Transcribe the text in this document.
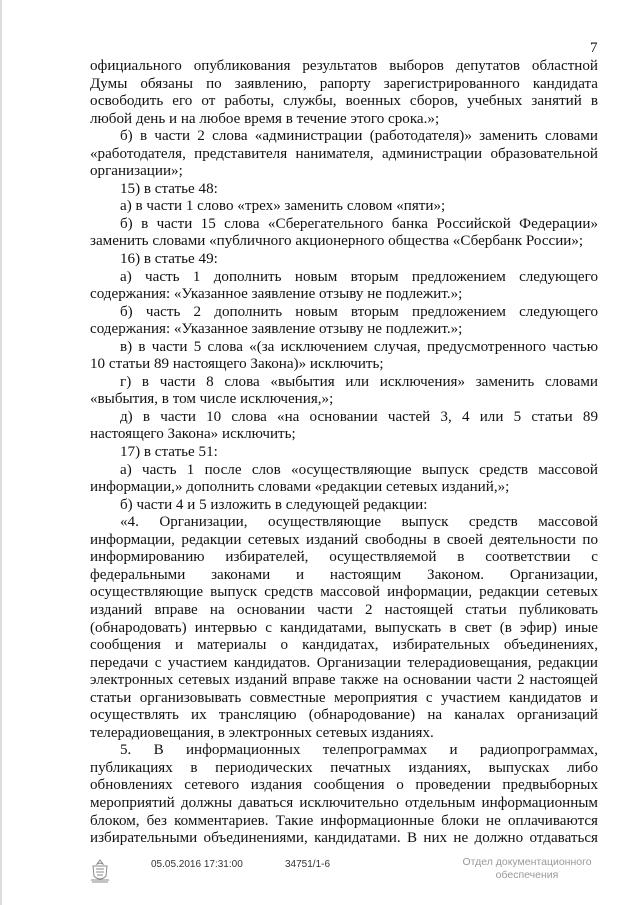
7
официального опубликования результатов выборов депутатов областной
Думы обязаны по заявлению, рапорту зарегистрированного кандидата
освободить его от работы, службы, военных сборов, учебных занятий в
любой день и на любое время в течение этого срока.»;
б) в части 2 слова «администрации (работодателя)» заменить словами
«работодателя, представителя нанимателя, администрации образовательной
организации»;
15) в статье 48:
а) в части 1 слово «трех» заменить словом «пяти»;
б) в части 15 слова «Сберегательного банка Российской Федерации»
заменить словами «публичного акционерного общества «Сбербанк России»;
16) в статье 49:
а) часть 1 дополнить новым вторым предложением следующего
содержания: «Указанное заявление отзыву не подлежит.»;
б) часть 2 дополнить новым вторым предложением следующего
содержания: «Указанное заявление отзыву не подлежит.»;
в) в части 5 слова «(за исключением случая, предусмотренного частью
10 статьи 89 настоящего Закона)» исключить;
г) в части 8 слова «выбытия или исключения» заменить словами
«выбытия, в том числе исключения,»;
д) в части 10 слова «на основании частей 3, 4 или 5 статьи 89
настоящего Закона» исключить;
17) в статье 51:
а) часть 1 после слов «осуществляющие выпуск средств массовой
информации,» дополнить словами «редакции сетевых изданий,»;
б) части 4 и 5 изложить в следующей редакции:
«4. Организации, осуществляющие выпуск средств массовой
информации, редакции сетевых изданий свободны в своей деятельности по
информированию избирателей, осуществляемой в соответствии с
федеральными законами и настоящим Законом. Организации,
осуществляющие выпуск средств массовой информации, редакции сетевых
изданий вправе на основании части 2 настоящей статьи публиковать
(обнародовать) интервью с кандидатами, выпускать в свет (в эфир) иные
сообщения и материалы о кандидатах, избирательных объединениях,
передачи с участием кандидатов. Организации телерадиовещания, редакции
электронных сетевых изданий вправе также на основании части 2 настоящей
статьи организовывать совместные мероприятия с участием кандидатов и
осуществлять их трансляцию (обнародование) на каналах организаций
телерадиовещания, в электронных сетевых изданиях.
5. В информационных телепрограммах и радиопрограммах,
публикациях в периодических печатных изданиях, выпусках либо
обновлениях сетевого издания сообщения о проведении предвыборных
мероприятий должны даваться исключительно отдельным информационным
блоком, без комментариев. Такие информационные блоки не оплачиваются
избирательными объединениями, кандидатами. В них не должно отдаваться
05.05.2016 17:31:00	34751/1-6	Отдел документационного
обеспечения
